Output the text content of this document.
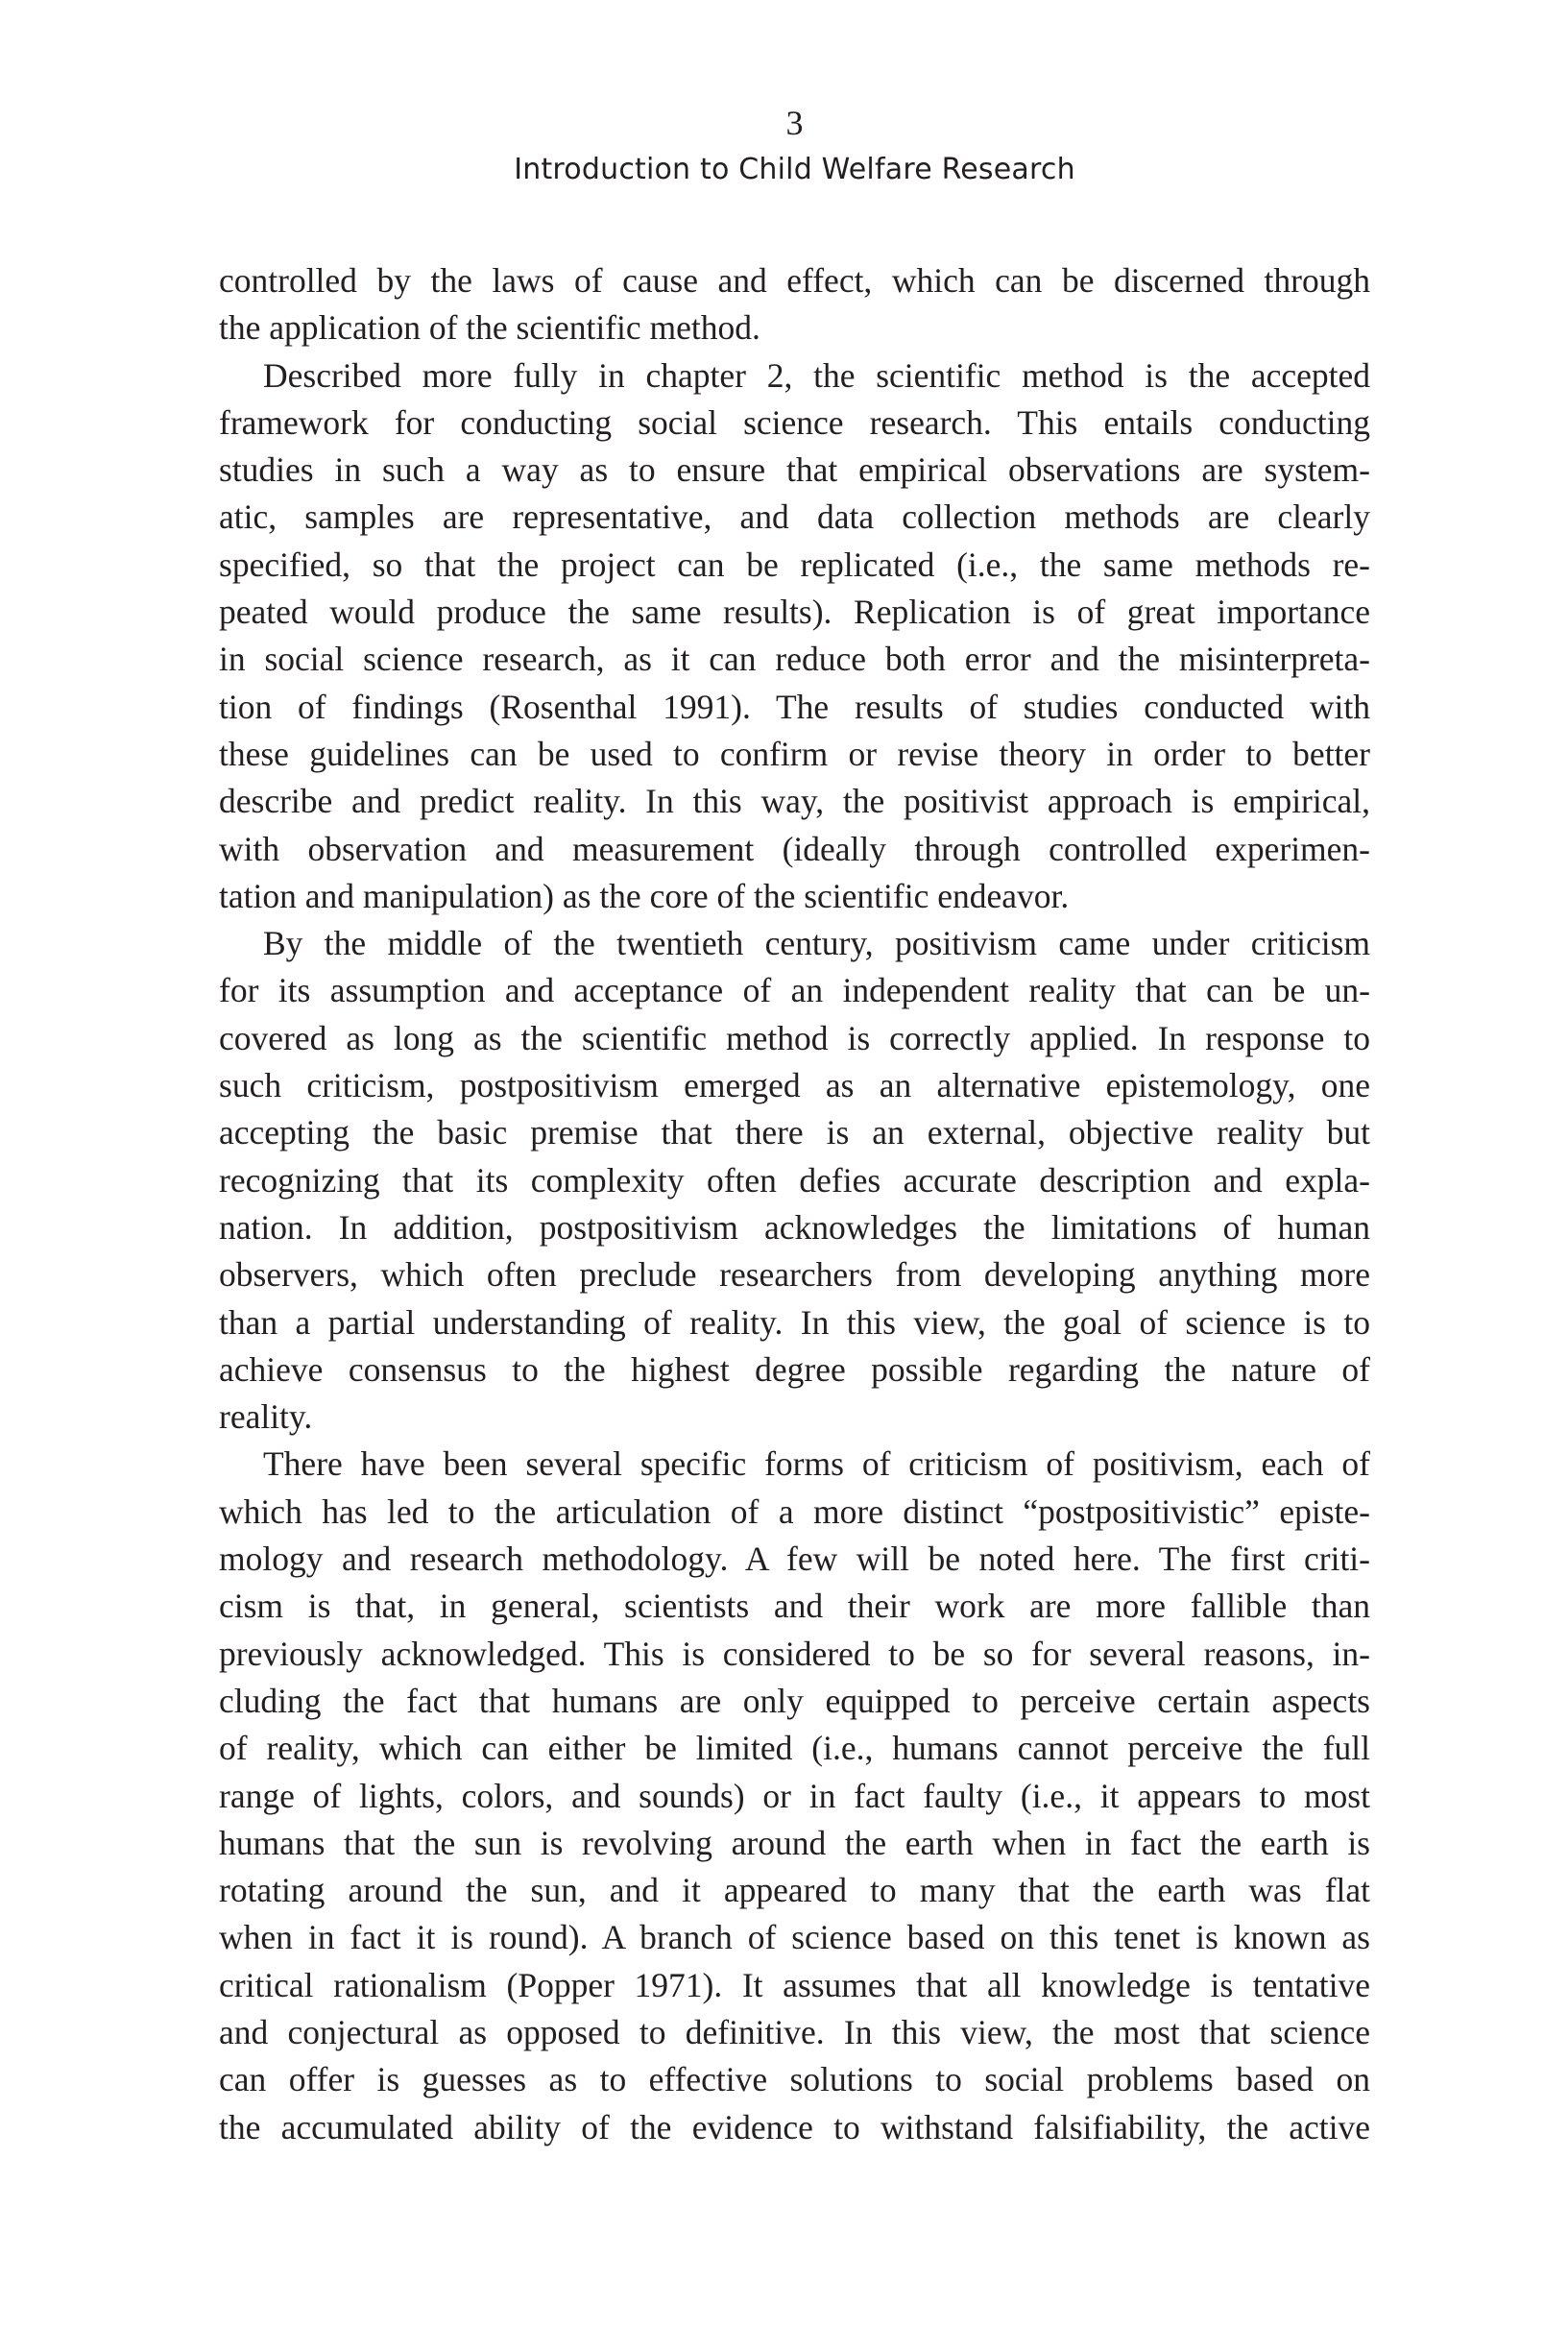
3
Introduction to Child Welfare Research
controlled by the laws of cause and effect, which can be discerned through
the application of the scientific method.
Described more fully in chapter 2, the scientific method is the accepted
framework for conducting social science research. This entails conducting
studies in such a way as to ensure that empirical observations are system-
atic, samples are representative, and data collection methods are clearly
specified, so that the project can be replicated (i.e., the same methods re-
peated would produce the same results). Replication is of great importance
in social science research, as it can reduce both error and the misinterpreta-
tion of findings (Rosenthal 1991). The results of studies conducted with
these guidelines can be used to confirm or revise theory in order to better
describe and predict reality. In this way, the positivist approach is empirical,
with observation and measurement (ideally through controlled experimen-
tation and manipulation) as the core of the scientific endeavor.
By the middle of the twentieth century, positivism came under criticism
for its assumption and acceptance of an independent reality that can be un-
covered as long as the scientific method is correctly applied. In response to
such criticism, postpositivism emerged as an alternative epistemology, one
accepting the basic premise that there is an external, objective reality but
recognizing that its complexity often defies accurate description and expla-
nation. In addition, postpositivism acknowledges the limitations of human
observers, which often preclude researchers from developing anything more
than a partial understanding of reality. In this view, the goal of science is to
achieve consensus to the highest degree possible regarding the nature of
reality.
There have been several specific forms of criticism of positivism, each of
which has led to the articulation of a more distinct “postpositivistic” episte-
mology and research methodology. A few will be noted here. The first criti-
cism is that, in general, scientists and their work are more fallible than
previously acknowledged. This is considered to be so for several reasons, in-
cluding the fact that humans are only equipped to perceive certain aspects
of reality, which can either be limited (i.e., humans cannot perceive the full
range of lights, colors, and sounds) or in fact faulty (i.e., it appears to most
humans that the sun is revolving around the earth when in fact the earth is
rotating around the sun, and it appeared to many that the earth was flat
when in fact it is round). A branch of science based on this tenet is known as
critical rationalism (Popper 1971). It assumes that all knowledge is tentative
and conjectural as opposed to definitive. In this view, the most that science
can offer is guesses as to effective solutions to social problems based on
the accumulated ability of the evidence to withstand falsifiability, the active
